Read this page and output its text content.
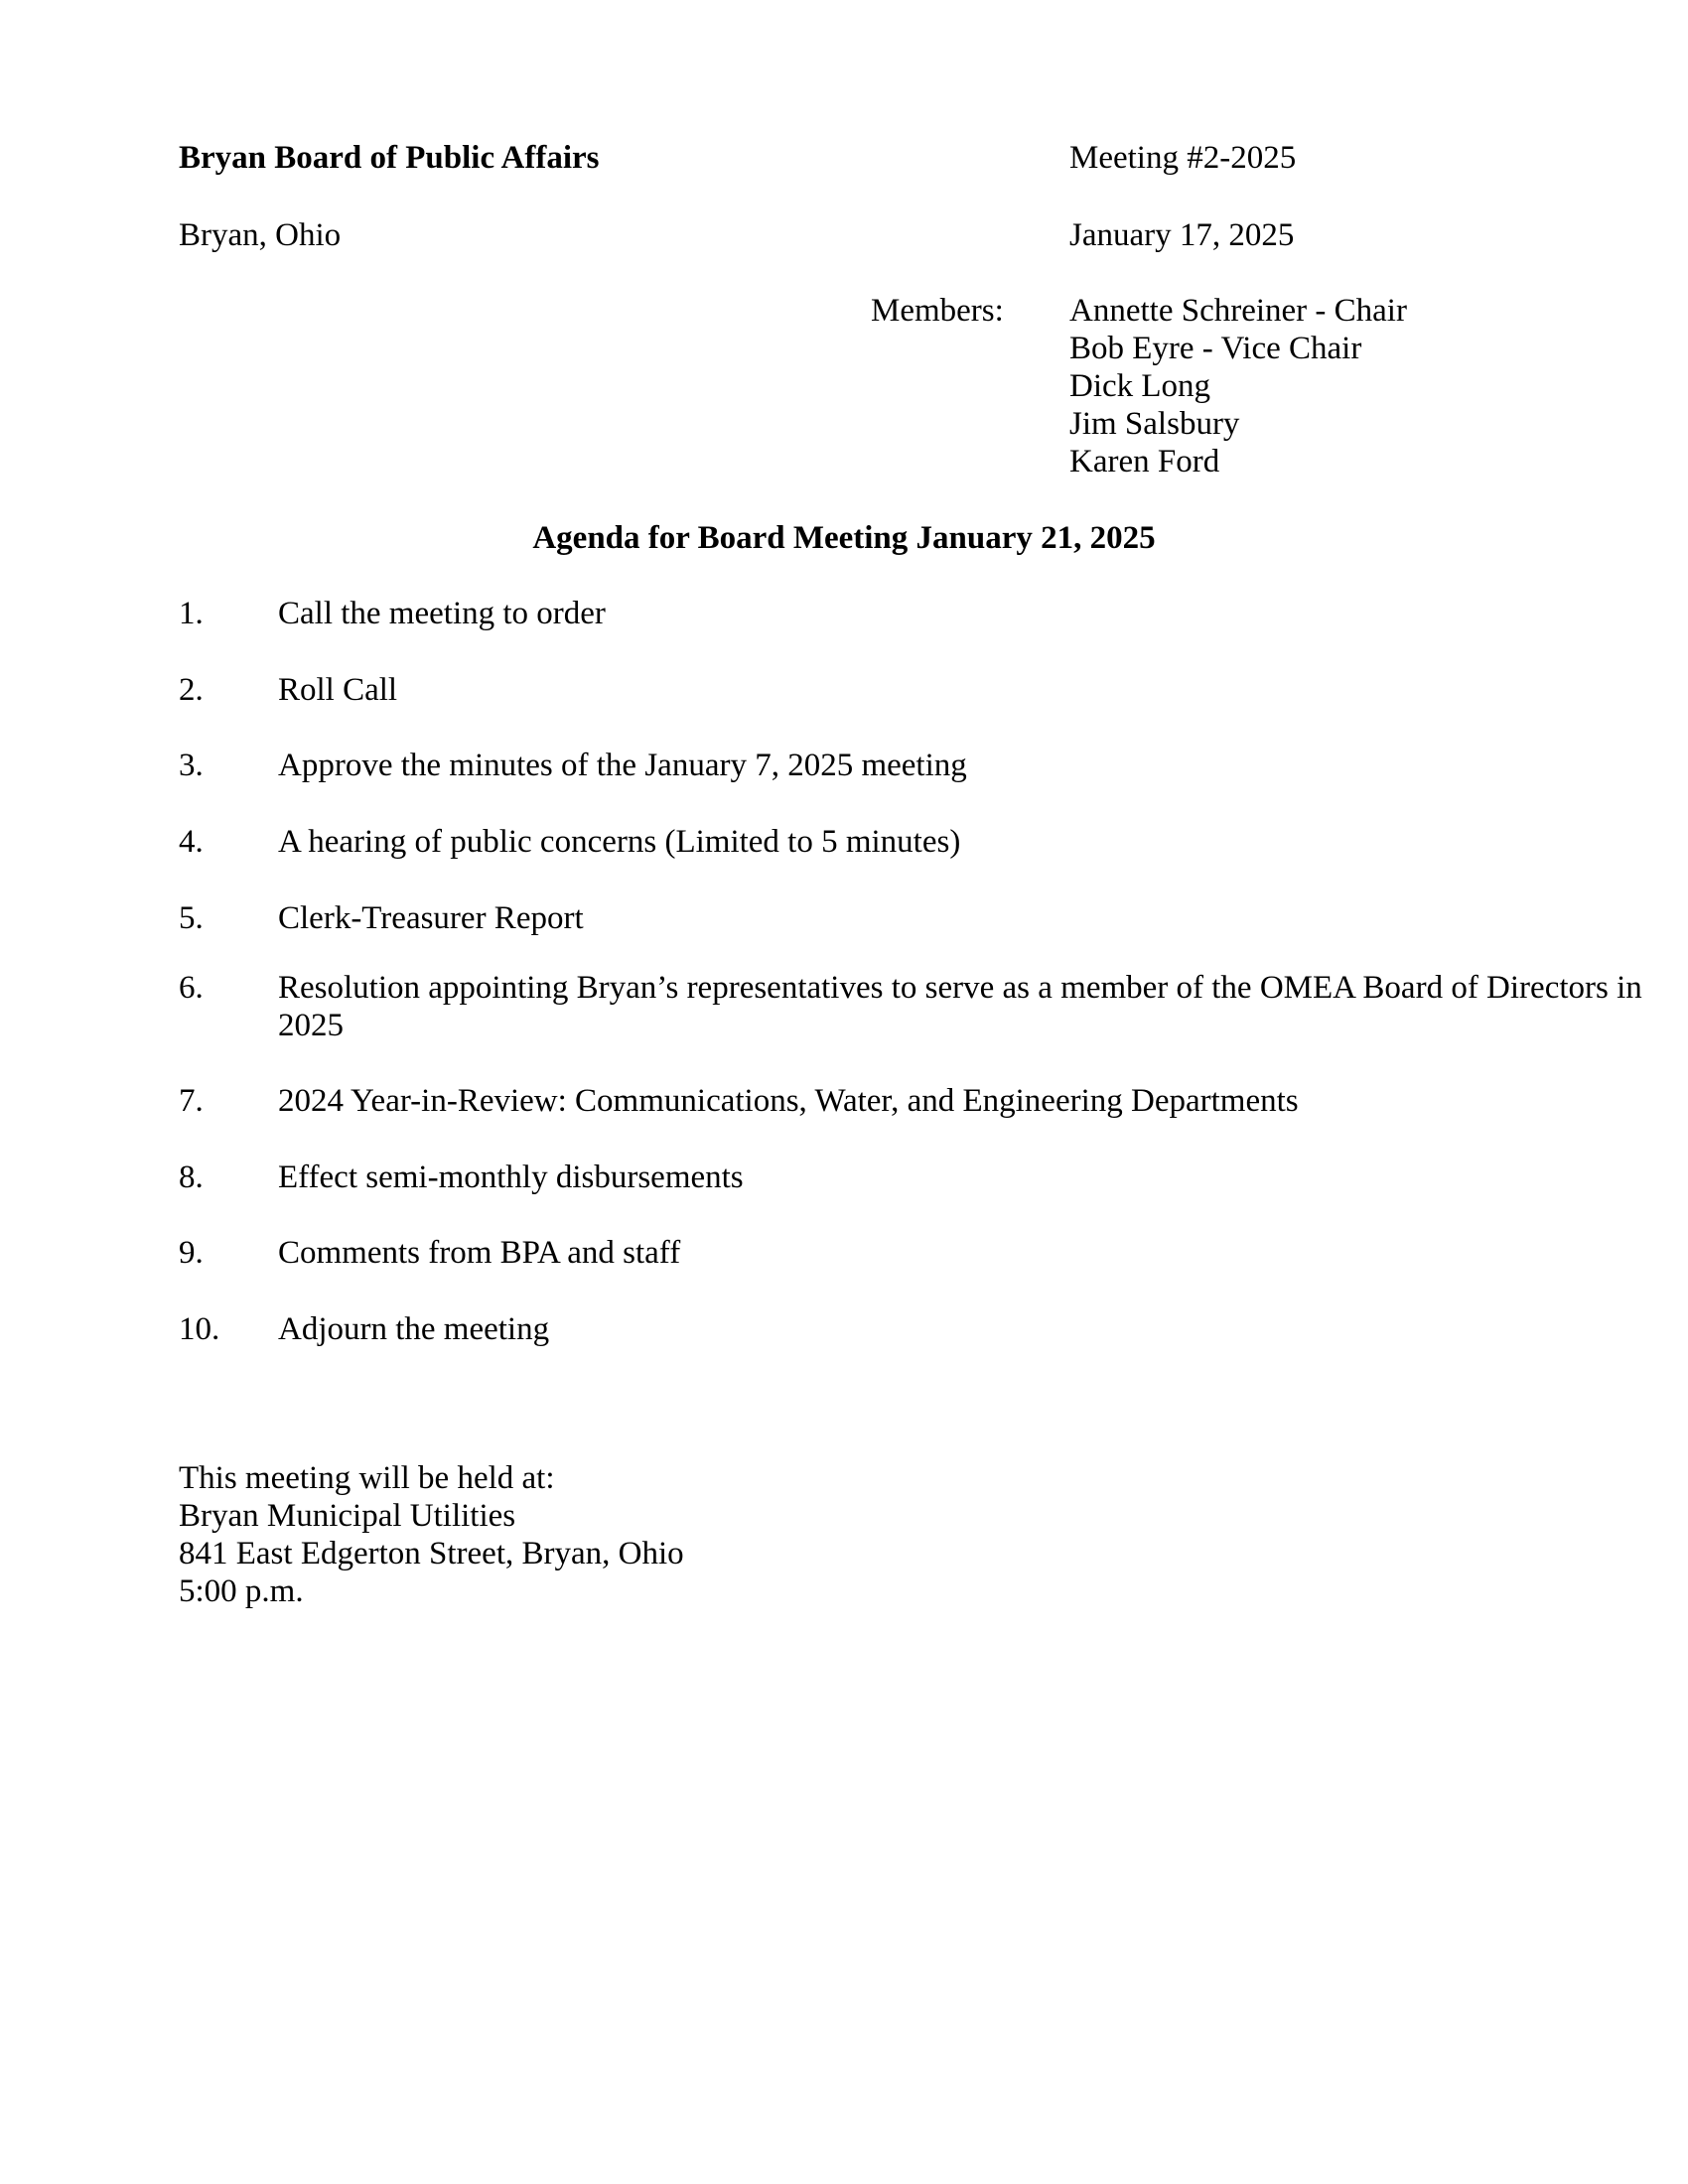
Bryan Board of Public Affairs	Meeting #2-2025
Bryan, Ohio	January 17, 2025
Members: Annette Schreiner - Chair
Bob Eyre - Vice Chair
Dick Long
Jim Salsbury
Karen Ford
Agenda for Board Meeting January 21, 2025
1. Call the meeting to order
2. Roll Call
3. Approve the minutes of the January 7, 2025 meeting
4. A hearing of public concerns (Limited to 5 minutes)
5. Clerk-Treasurer Report
6. Resolution appointing Bryan’s representatives to serve as a member of the OMEA Board of Directors in 2025
7. 2024 Year-in-Review: Communications, Water, and Engineering Departments
8. Effect semi-monthly disbursements
9. Comments from BPA and staff
10. Adjourn the meeting
This meeting will be held at:
Bryan Municipal Utilities
841 East Edgerton Street, Bryan, Ohio
5:00 p.m.
